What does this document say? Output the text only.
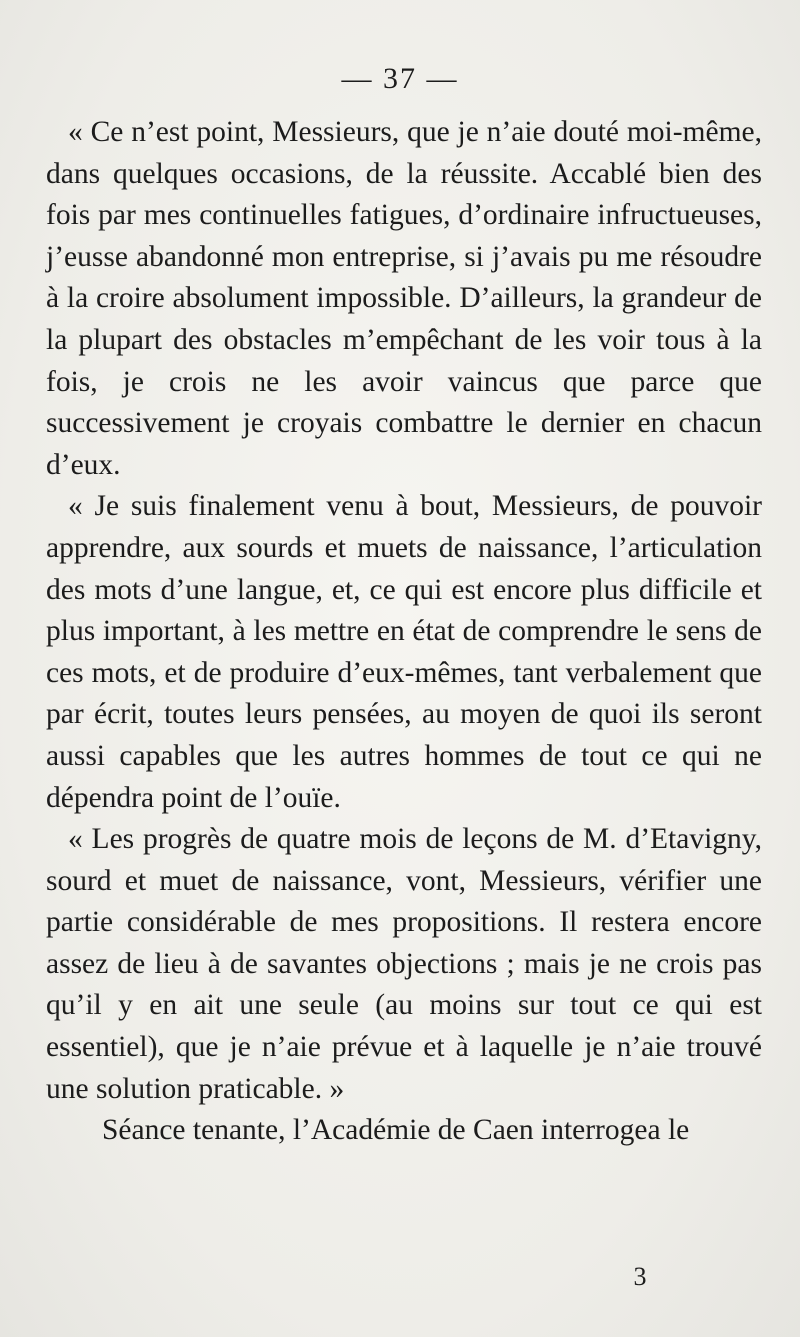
— 37 —

« Ce n’est point, Messieurs, que je n’aie douté moi-même, dans quelques occasions, de la réussite. Accablé bien des fois par mes continuelles fatigues, d’ordinaire infructueuses, j’eusse abandonné mon entreprise, si j’avais pu me résoudre à la croire absolument impossible. D’ailleurs, la grandeur de la plupart des obstacles m’empêchant de les voir tous à la fois, je crois ne les avoir vaincus que parce que successivement je croyais combattre le dernier en chacun d’eux.

« Je suis finalement venu à bout, Messieurs, de pouvoir apprendre, aux sourds et muets de naissance, l’articulation des mots d’une langue, et, ce qui est encore plus difficile et plus important, à les mettre en état de comprendre le sens de ces mots, et de produire d’eux-mêmes, tant verbalement que par écrit, toutes leurs pensées, au moyen de quoi ils seront aussi capables que les autres hommes de tout ce qui ne dépendra point de l’ouïe.

« Les progrès de quatre mois de leçons de M. d’Etavigny, sourd et muet de naissance, vont, Messieurs, vérifier une partie considérable de mes propositions. Il restera encore assez de lieu à de savantes objections ; mais je ne crois pas qu’il y en ait une seule (au moins sur tout ce qui est essentiel), que je n’aie prévue et à laquelle je n’aie trouvé une solution praticable. »

Séance tenante, l’Académie de Caen interrogea le

3
